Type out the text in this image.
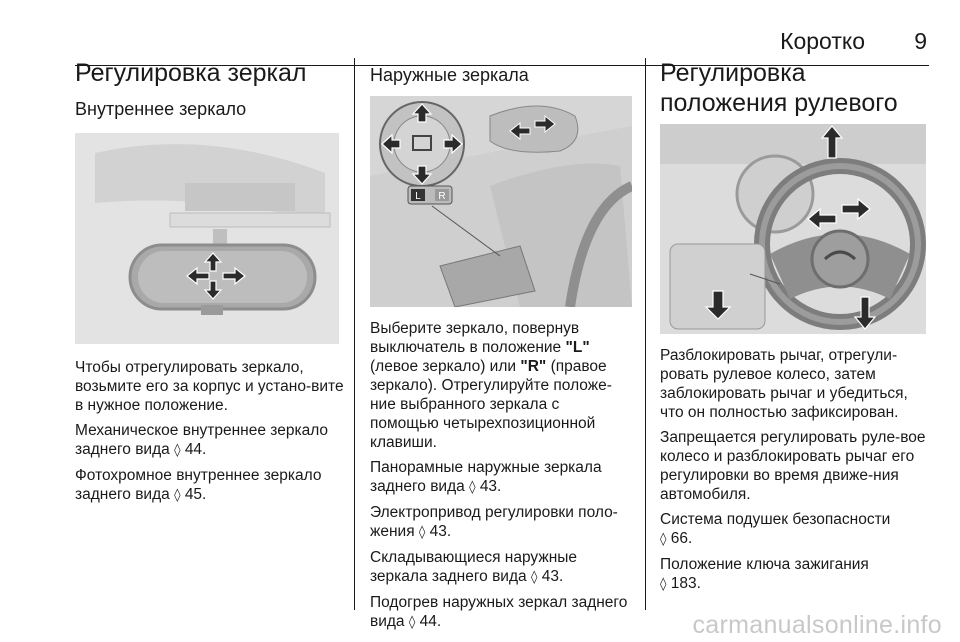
Коротко 9
Регулировка зеркал
Внутреннее зеркало

Чтобы отрегулировать зеркало, возьмите его за корпус и устано-вите в нужное положение.

Механическое внутреннее зеркало заднего вида ◊ 44.

Фотохромное внутреннее зеркало заднего вида ◊ 45.

Наружные зеркала
L R

Выберите зеркало, повернув выключатель в положение "L" (левое зеркало) или "R" (правое зеркало). Отрегулируйте положе-ние выбранного зеркала с помощью четырехпозиционной клавиши.

Панорамные наружные зеркала заднего вида ◊ 43.

Электропривод регулировки поло-жения ◊ 43.

Складывающиеся наружные зеркала заднего вида ◊ 43.

Подогрев наружных зеркал заднего вида ◊ 44.

Регулировка положения рулевого

Разблокировать рычаг, отрегули-ровать рулевое колесо, затем заблокировать рычаг и убедиться, что он полностью зафиксирован.

Запрещается регулировать руле-вое колесо и разблокировать рычаг его регулировки во время движе-ния автомобиля.

Система подушек безопасности
◊ 66.

Положение ключа зажигания
◊ 183.

carmanualsonline.info
